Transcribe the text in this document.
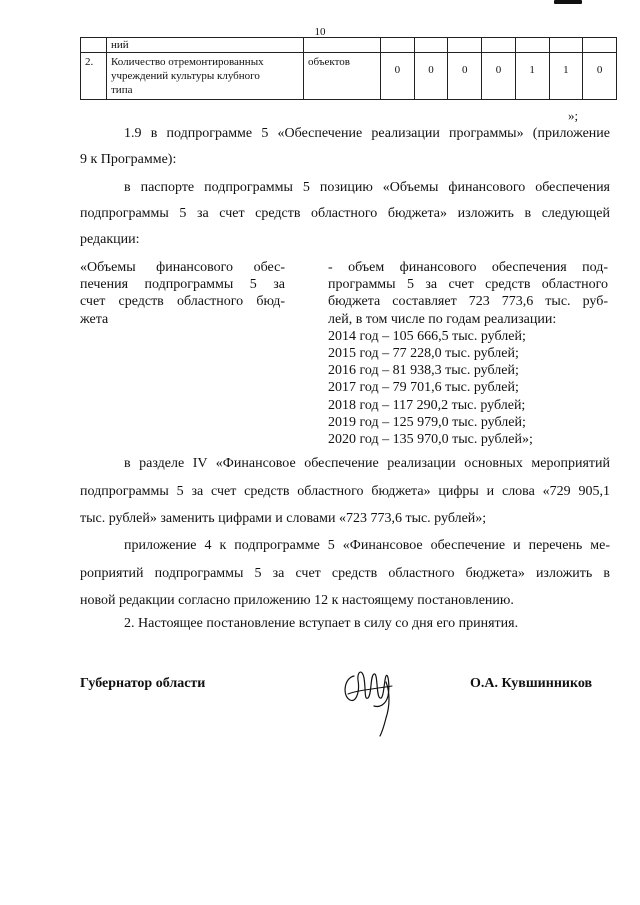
10
	ний								
2.	Количество отремонтированных
учреждений культуры клубного
типа	объектов	0	0	0	0	1	1	0
»;
1.9 в подпрограмме 5 «Обеспечение реализации программы» (приложение
9 к Программе):
в паспорте подпрограммы 5 позицию «Объемы финансового обеспечения
подпрограммы 5 за счет средств областного бюджета» изложить в следующей
редакции:
«Объемы финансового обес-
печения подпрограммы 5 за
счет средств областного бюд-
жета
- объем финансового обеспечения под-
программы 5 за счет средств областного
бюджета составляет 723 773,6 тыс. руб-
лей, в том числе по годам реализации:
2014 год – 105 666,5 тыс. рублей;
2015 год – 77 228,0 тыс. рублей;
2016 год – 81 938,3 тыс. рублей;
2017 год – 79 701,6 тыс. рублей;
2018 год – 117 290,2 тыс. рублей;
2019 год – 125 979,0 тыс. рублей;
2020 год – 135 970,0 тыс. рублей»;
в разделе IV «Финансовое обеспечение реализации основных мероприятий
подпрограммы 5 за счет средств областного бюджета» цифры и слова «729 905,1
тыс. рублей» заменить цифрами и словами «723 773,6 тыс. рублей»;
приложение 4 к подпрограмме 5 «Финансовое обеспечение и перечень ме-
роприятий подпрограммы 5 за счет средств областного бюджета» изложить в
новой редакции согласно приложению 12 к настоящему постановлению.
2. Настоящее постановление вступает в силу со дня его принятия.
Губернатор области	О.А. Кувшинников
